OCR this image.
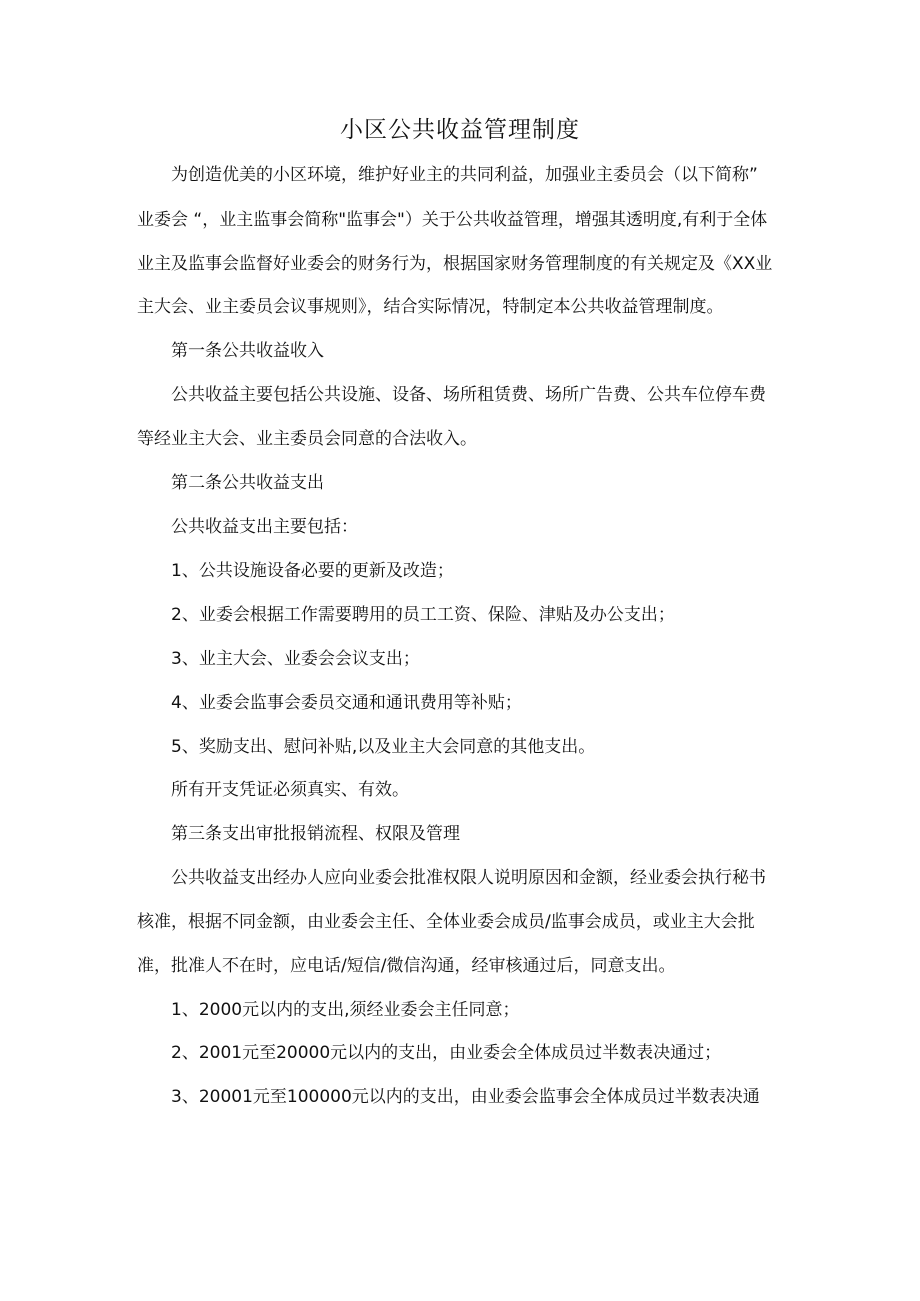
小区公共收益管理制度
为创造优美的小区环境，维护好业主的共同利益，加强业主委员会（以下简称”
业委会 “，业主监事会简称"监事会"）关于公共收益管理，增强其透明度,有利于全体
业主及监事会监督好业委会的财务行为，根据国家财务管理制度的有关规定及《XX业
主大会、业主委员会议事规则》，结合实际情况，特制定本公共收益管理制度。
第一条公共收益收入
公共收益主要包括公共设施、设备、场所租赁费、场所广告费、公共车位停车费
等经业主大会、业主委员会同意的合法收入。
第二条公共收益支出
公共收益支出主要包括：
1、公共设施设备必要的更新及改造；
2、业委会根据工作需要聘用的员工工资、保险、津贴及办公支出；
3、业主大会、业委会会议支出；
4、业委会监事会委员交通和通讯费用等补贴；
5、奖励支出、慰问补贴,以及业主大会同意的其他支出。
所有开支凭证必须真实、有效。
第三条支出审批报销流程、权限及管理
公共收益支出经办人应向业委会批准权限人说明原因和金额，经业委会执行秘书
核准，根据不同金额，由业委会主任、全体业委会成员/监事会成员，或业主大会批
准，批准人不在时，应电话/短信/微信沟通，经审核通过后，同意支出。
1、2000元以内的支出,须经业委会主任同意；
2、2001元至20000元以内的支出，由业委会全体成员过半数表决通过；
3、20001元至100000元以内的支出，由业委会监事会全体成员过半数表决通
